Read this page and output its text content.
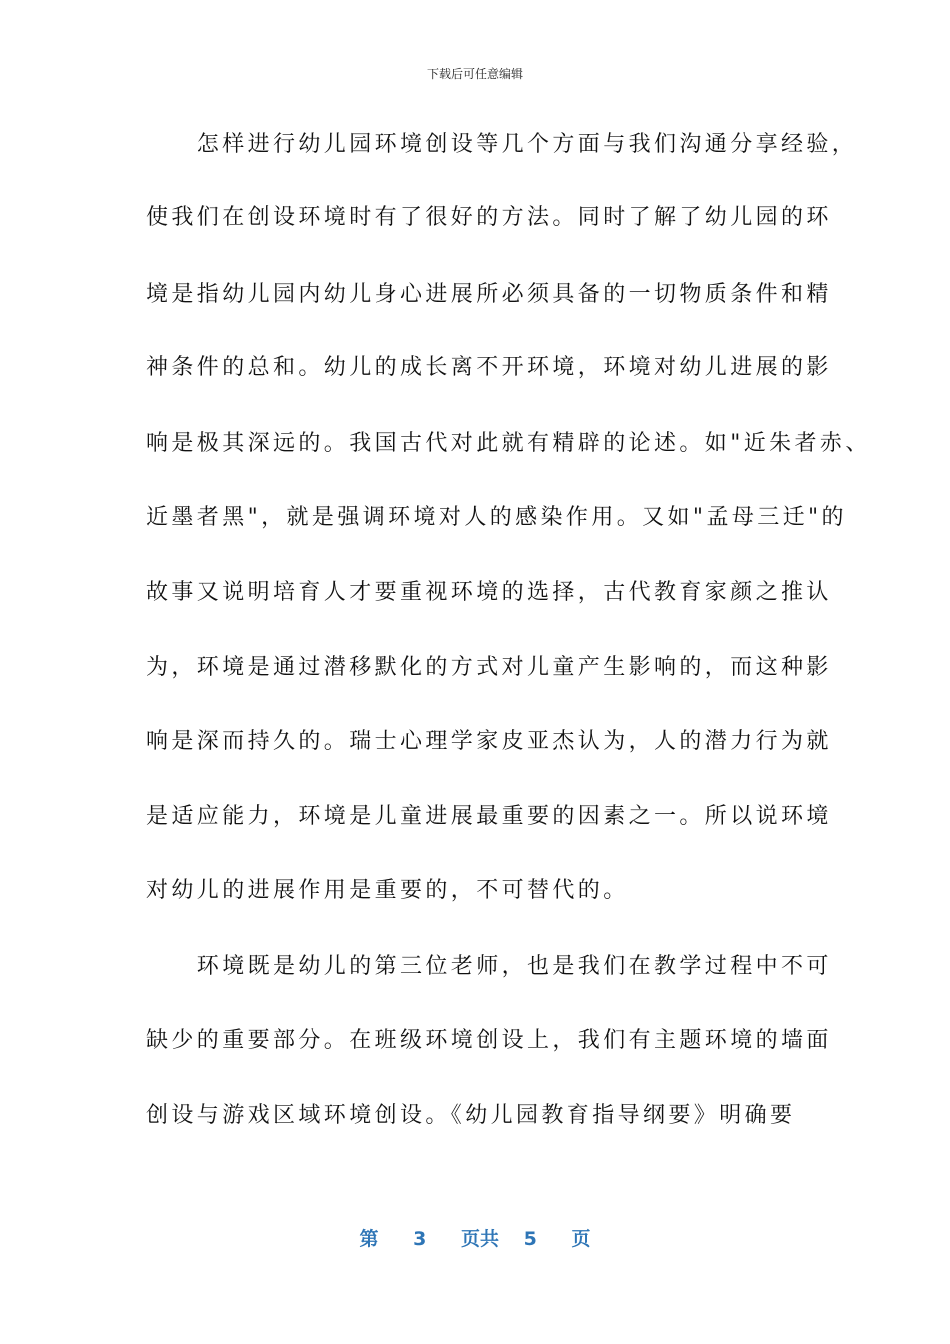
下载后可任意编辑
　　怎样进行幼儿园环境创设等几个方面与我们沟通分享经验，
使我们在创设环境时有了很好的方法。同时了解了幼儿园的环
境是指幼儿园内幼儿身心进展所必须具备的一切物质条件和精
神条件的总和。幼儿的成长离不开环境，环境对幼儿进展的影
响是极其深远的。我国古代对此就有精辟的论述。如"近朱者赤、
近墨者黑"，就是强调环境对人的感染作用。又如"孟母三迁"的
故事又说明培育人才要重视环境的选择，古代教育家颜之推认
为，环境是通过潜移默化的方式对儿童产生影响的，而这种影
响是深而持久的。瑞士心理学家皮亚杰认为，人的潜力行为就
是适应能力，环境是儿童进展最重要的因素之一。所以说环境
对幼儿的进展作用是重要的，不可替代的。
　　环境既是幼儿的第三位老师，也是我们在教学过程中不可
缺少的重要部分。在班级环境创设上，我们有主题环境的墙面
创设与游戏区域环境创设。《幼儿园教育指导纲要》明确要
第 3 页共 5 页
